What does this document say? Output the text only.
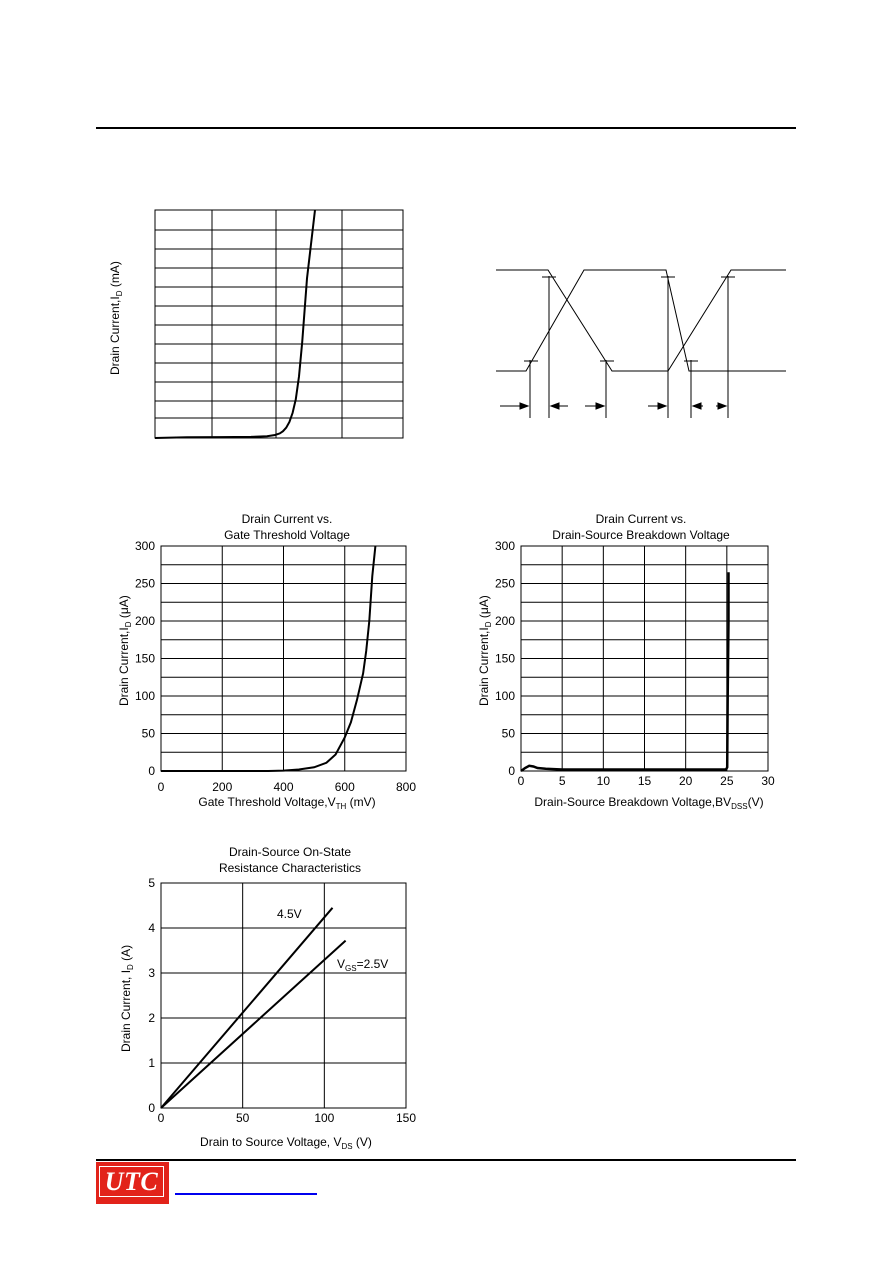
Drain $Current,I_D$ (mA)
Drain Current vs.
Gate Threshold Voltage
0	200	400	600	800
0
50
100
150
200
250
300
Gate Threshold $Voltage,V_{TH}$ (mV)
Drain $Current,I_D$ (μA)
Drain Current vs.
Drain-Source Breakdown Voltage
0	5	10 15 20 25 30
0
50
100
150
200
250
300
Drain-Source Breakdown $Voltage,BV_{DSS}(V)$
Drain $Current,I_D$ (μA)
Drain-Source On-State
Resistance Characteristics
0	50	100	150
0
1
2
3
4
5
4.5V
$V_{GS}=2.5V$
Drain to Source Voltage, $V_{DS}$ (V)
Drain Current, $I_D$ (A)
UTC
